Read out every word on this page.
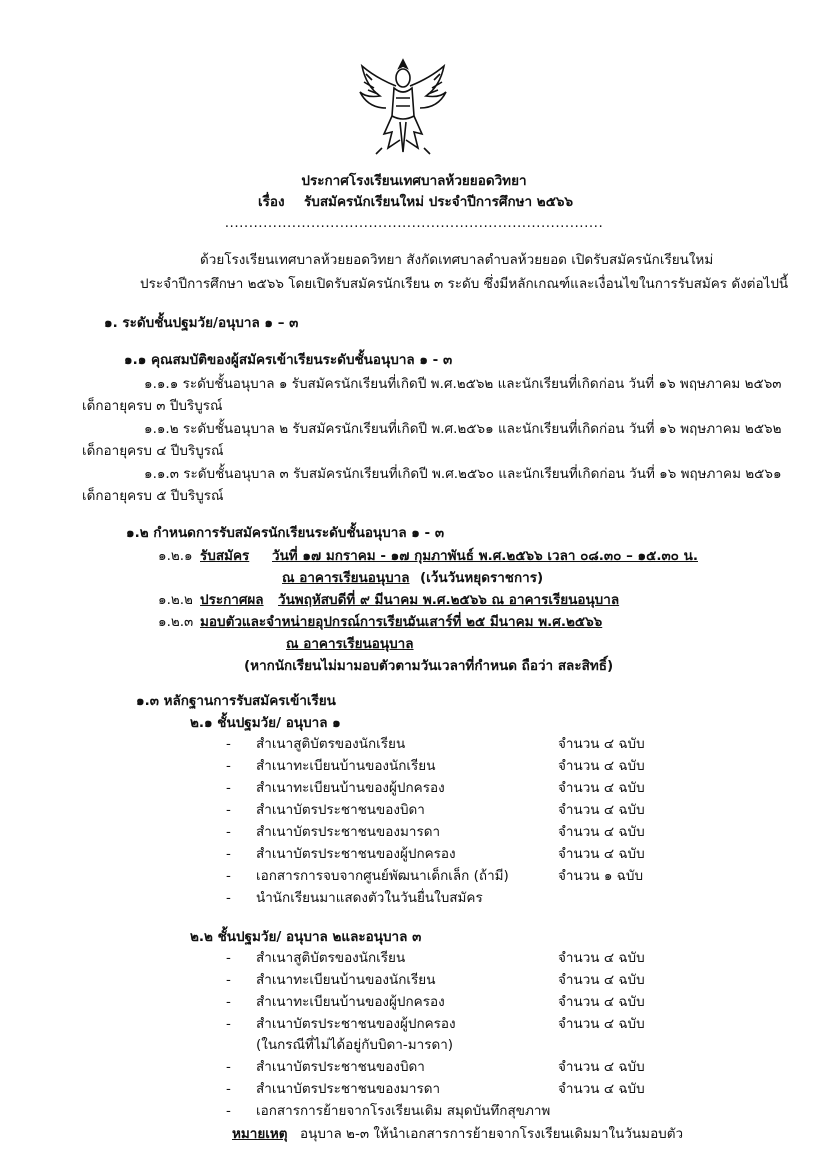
ประกาศโรงเรียนเทศบาลห้วยยอดวิทยา
เรื่อง รับสมัครนักเรียนใหม่ ประจำปีการศึกษา ๒๕๖๖
...............................................................................
ด้วยโรงเรียนเทศบาลห้วยยอดวิทยา สังกัดเทศบาลตำบลห้วยยอด เปิดรับสมัครนักเรียนใหม่
ประจำปีการศึกษา ๒๕๖๖ โดยเปิดรับสมัครนักเรียน ๓ ระดับ ซึ่งมีหลักเกณฑ์และเงื่อนไขในการรับสมัคร ดังต่อไปนี้
๑. ระดับชั้นปฐมวัย/อนุบาล ๑ – ๓
๑.๑ คุณสมบัติของผู้สมัครเข้าเรียนระดับชั้นอนุบาล ๑ - ๓
๑.๑.๑ ระดับชั้นอนุบาล ๑ รับสมัครนักเรียนที่เกิดปี พ.ศ.๒๕๖๒ และนักเรียนที่เกิดก่อน วันที่ ๑๖ พฤษภาคม ๒๕๖๓
เด็กอายุครบ ๓ ปีบริบูรณ์
๑.๑.๒ ระดับชั้นอนุบาล ๒ รับสมัครนักเรียนที่เกิดปี พ.ศ.๒๕๖๑ และนักเรียนที่เกิดก่อน วันที่ ๑๖ พฤษภาคม ๒๕๖๒
เด็กอายุครบ ๔ ปีบริบูรณ์
๑.๑.๓ ระดับชั้นอนุบาล ๓ รับสมัครนักเรียนที่เกิดปี พ.ศ.๒๕๖๐ และนักเรียนที่เกิดก่อน วันที่ ๑๖ พฤษภาคม ๒๕๖๑
เด็กอายุครบ ๕ ปีบริบูรณ์
๑.๒ กำหนดการรับสมัครนักเรียนระดับชั้นอนุบาล ๑ - ๓
๑.๒.๑ รับสมัคร วันที่ ๑๗ มกราคม - ๑๗ กุมภาพันธ์ พ.ศ.๒๕๖๖ เวลา ๐๘.๓๐ – ๑๕.๓๐ น.
ณ อาคารเรียนอนุบาล (เว้นวันหยุดราชการ)
๑.๒.๒ ประกาศผล วันพฤหัสบดีที่ ๙ มีนาคม พ.ศ.๒๕๖๖ ณ อาคารเรียนอนุบาล
๑.๒.๓ มอบตัวและจำหน่ายอุปกรณ์การเรียน
วันเสาร์ที่ ๒๕ มีนาคม พ.ศ.๒๕๖๖
ณ อาคารเรียนอนุบาล
(หากนักเรียนไม่มามอบตัวตามวันเวลาที่กำหนด ถือว่า สละสิทธิ์)
๑.๓ หลักฐานการรับสมัครเข้าเรียน
๒.๑ ชั้นปฐมวัย/ อนุบาล ๑
- สำเนาสูติบัตรของนักเรียน	จำนวน ๔ ฉบับ
- สำเนาทะเบียนบ้านของนักเรียน	จำนวน ๔ ฉบับ
- สำเนาทะเบียนบ้านของผู้ปกครอง	จำนวน ๔ ฉบับ
- สำเนาบัตรประชาชนของบิดา	จำนวน ๔ ฉบับ
- สำเนาบัตรประชาชนของมารดา	จำนวน ๔ ฉบับ
- สำเนาบัตรประชาชนของผู้ปกครอง	จำนวน ๔ ฉบับ
- เอกสารการจบจากศูนย์พัฒนาเด็กเล็ก (ถ้ามี)	จำนวน ๑ ฉบับ
- นำนักเรียนมาแสดงตัวในวันยื่นใบสมัคร
๒.๒ ชั้นปฐมวัย/ อนุบาล ๒และอนุบาล ๓
- สำเนาสูติบัตรของนักเรียน	จำนวน ๔ ฉบับ
- สำเนาทะเบียนบ้านของนักเรียน	จำนวน ๔ ฉบับ
- สำเนาทะเบียนบ้านของผู้ปกครอง	จำนวน ๔ ฉบับ
- สำเนาบัตรประชาชนของผู้ปกครอง	จำนวน ๔ ฉบับ
(ในกรณีที่ไม่ได้อยู่กับบิดา-มารดา)
- สำเนาบัตรประชาชนของบิดา	จำนวน ๔ ฉบับ
- สำเนาบัตรประชาชนของมารดา	จำนวน ๔ ฉบับ
- เอกสารการย้ายจากโรงเรียนเดิม สมุดบันทึกสุขภาพ
หมายเหตุ อนุบาล ๒-๓ ให้นำเอกสารการย้ายจากโรงเรียนเดิมมาในวันมอบตัว
